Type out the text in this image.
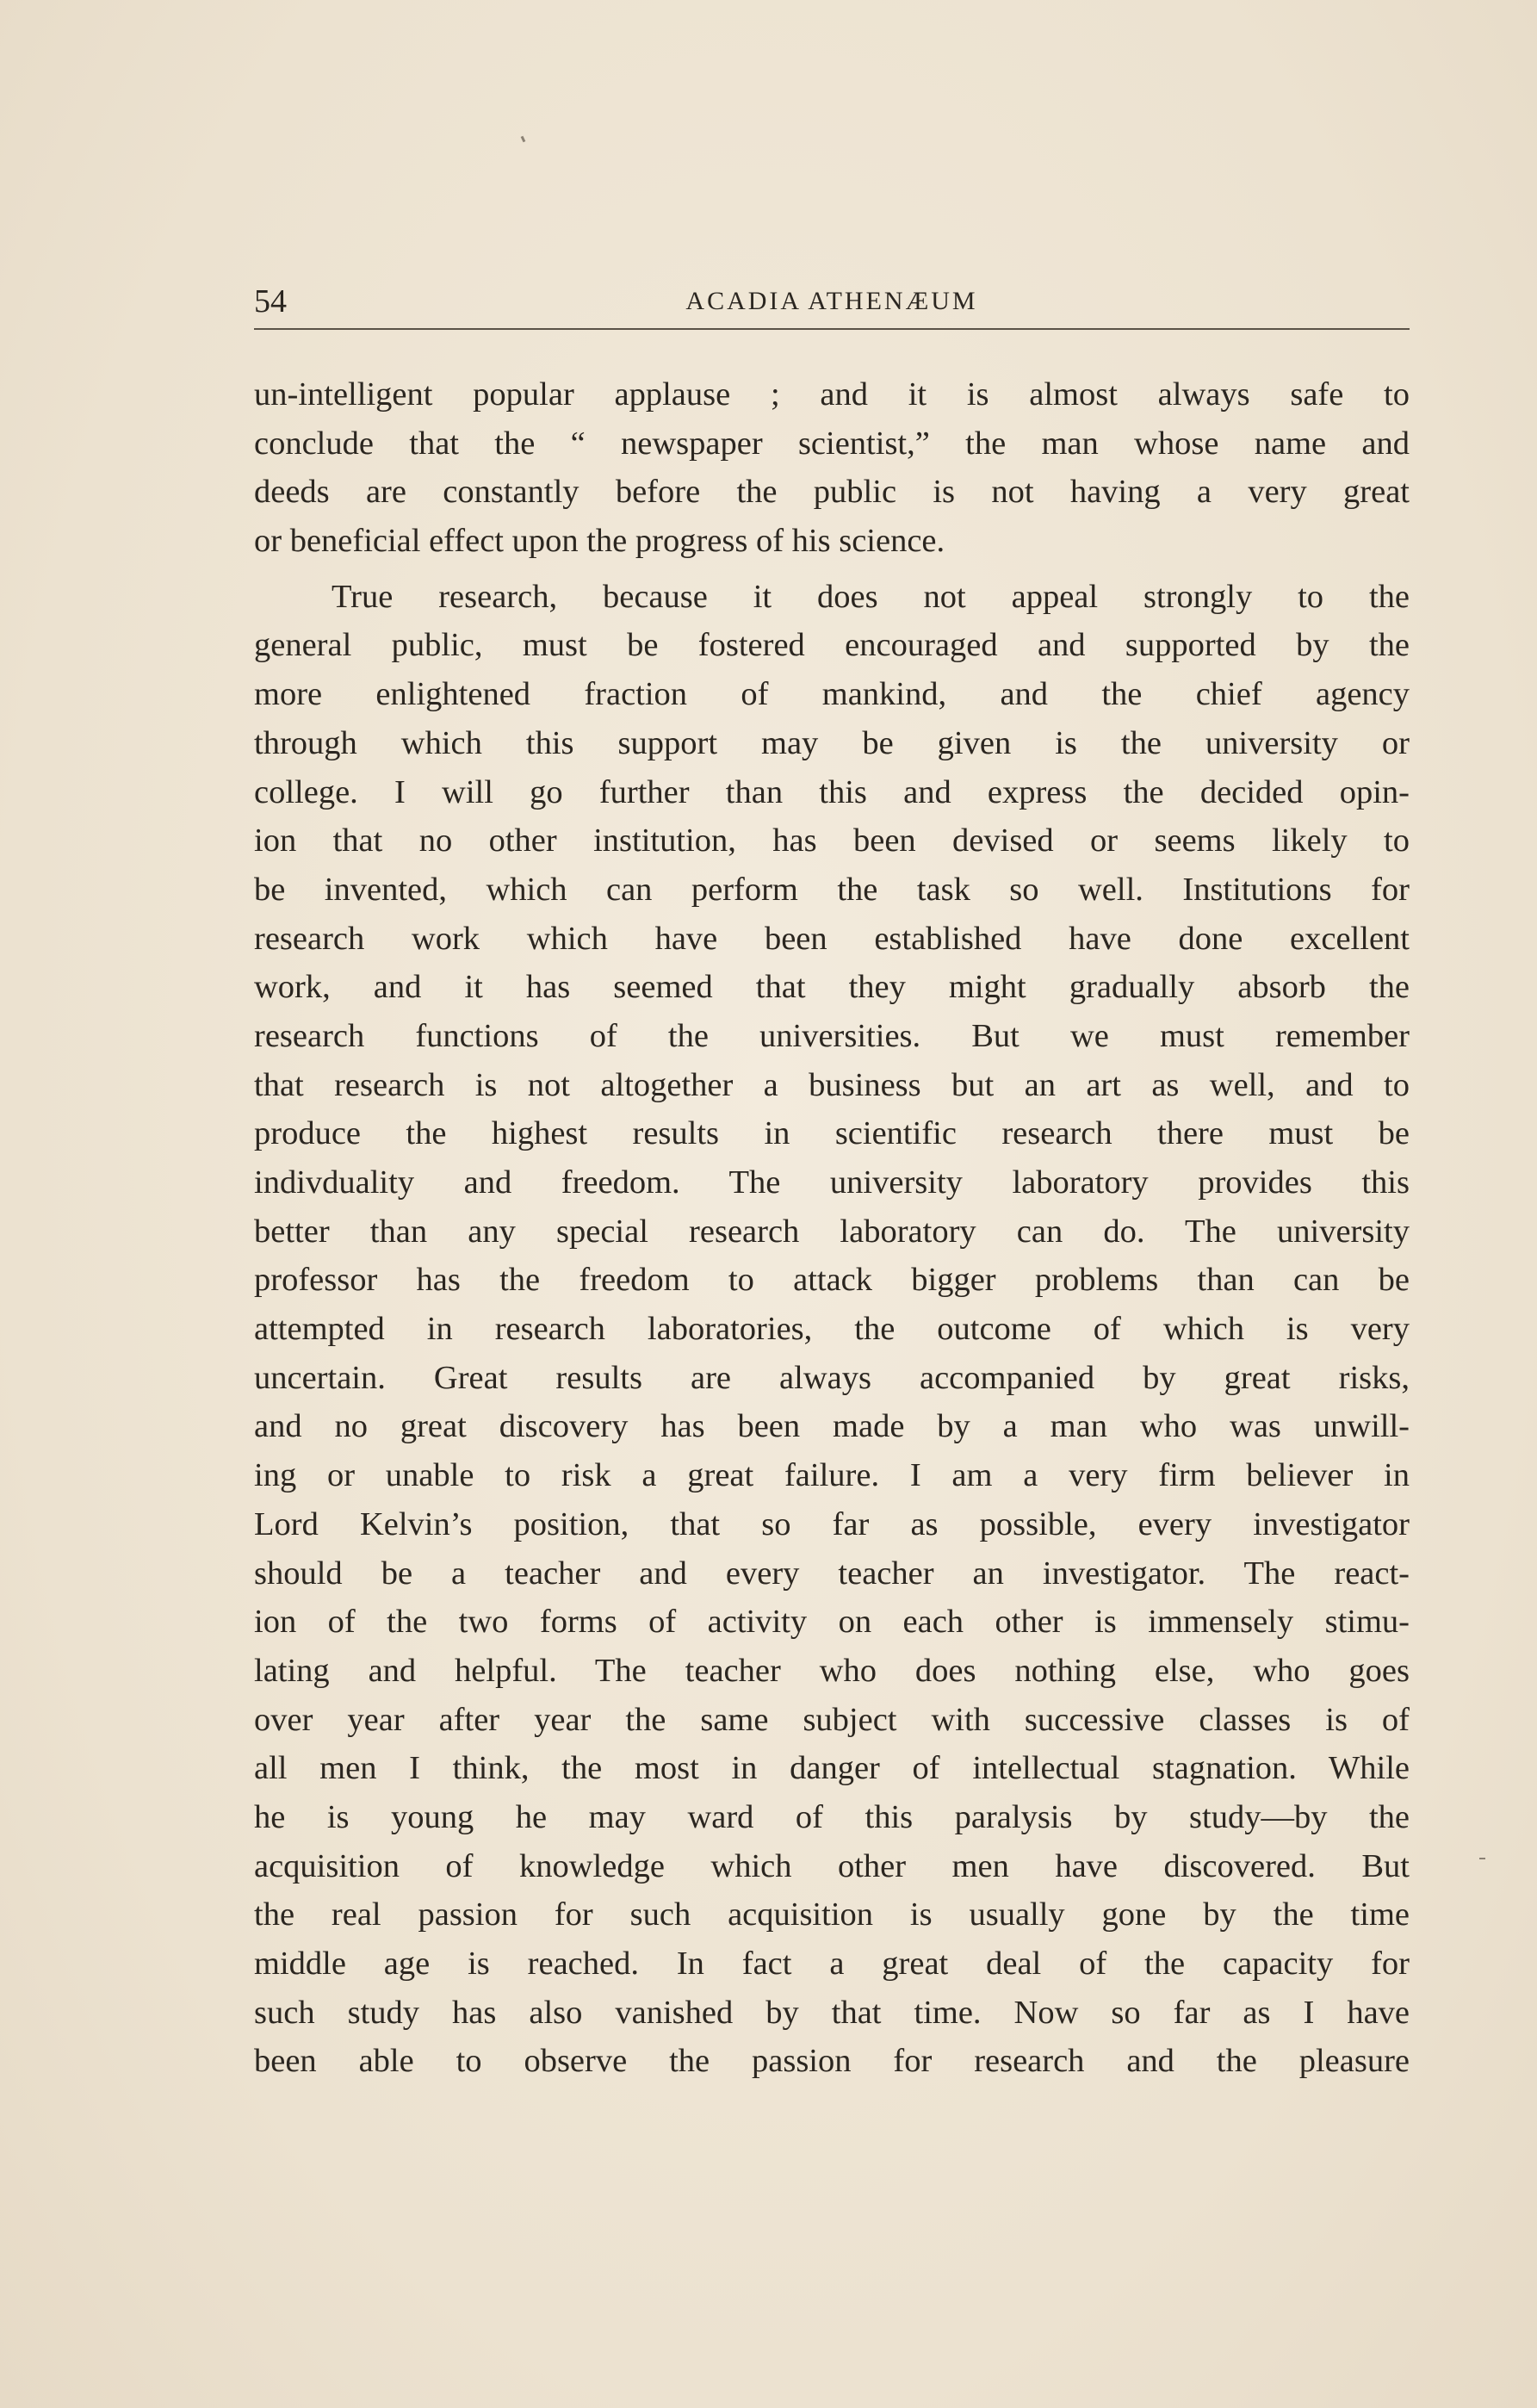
54	ACADIA ATHENÆUM
un-intelligent popular applause ; and it is almost always safe to
conclude that the “ newspaper scientist,” the man whose name and
deeds are constantly before the public is not having a very great
or beneficial effect upon the progress of his science.
True research, because it does not appeal strongly to the
general public, must be fostered encouraged and supported by the
more enlightened fraction of mankind, and the chief agency
through which this support may be given is the university or
college. I will go further than this and express the decided opin-
ion that no other institution, has been devised or seems likely to
be invented, which can perform the task so well. Institutions for
research work which have been established have done excellent
work, and it has seemed that they might gradually absorb the
research functions of the universities. But we must remember
that research is not altogether a business but an art as well, and to
produce the highest results in scientific research there must be
indivduality and freedom. The university laboratory provides this
better than any special research laboratory can do. The university
professor has the freedom to attack bigger problems than can be
attempted in research laboratories, the outcome of which is very
uncertain. Great results are always accompanied by great risks,
and no great discovery has been made by a man who was unwill-
ing or unable to risk a great failure. I am a very firm believer in
Lord Kelvin’s position, that so far as possible, every investigator
should be a teacher and every teacher an investigator. The react-
ion of the two forms of activity on each other is immensely stimu-
lating and helpful. The teacher who does nothing else, who goes
over year after year the same subject with successive classes is of
all men I think, the most in danger of intellectual stagnation. While
he is young he may ward of this paralysis by study—by the
acquisition of knowledge which other men have discovered. But
the real passion for such acquisition is usually gone by the time
middle age is reached. In fact a great deal of the capacity for
such study has also vanished by that time. Now so far as I have
been able to observe the passion for research and the pleasure
